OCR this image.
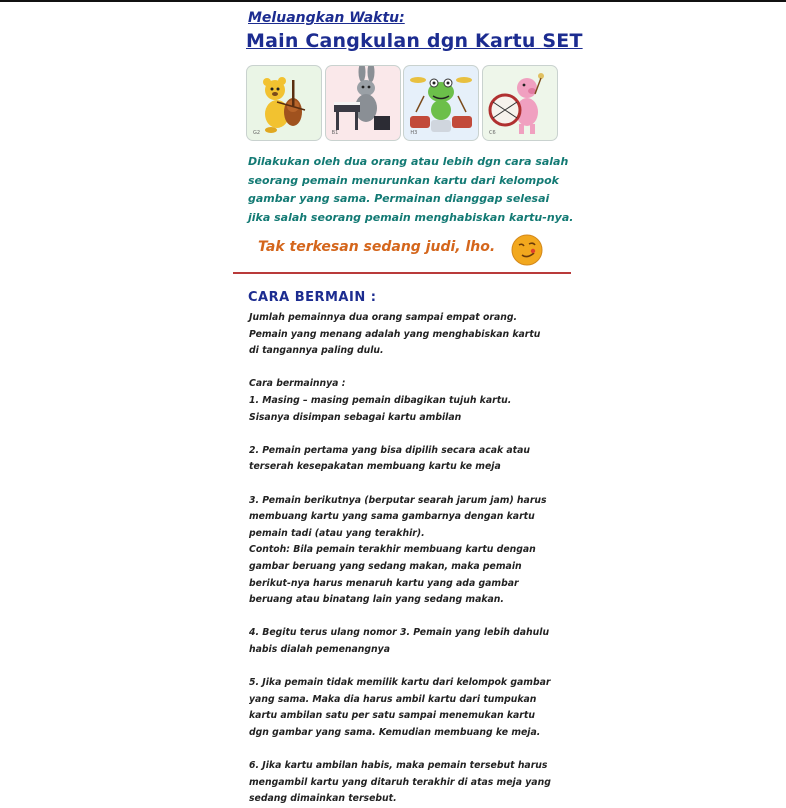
Meluangkan Waktu:
Main Cangkulan dgn Kartu SET
G2	B1	H3	C6
Dilakukan oleh dua orang atau lebih dgn cara salah
seorang pemain menurunkan kartu dari kelompok
gambar yang sama. Permainan dianggap selesai
jika salah seorang pemain menghabiskan kartu-nya.
Tak terkesan sedang judi, lho.
CARA BERMAIN :
Jumlah pemainnya dua orang sampai empat orang.
Pemain yang menang adalah yang menghabiskan kartu
di tangannya paling dulu.
Cara bermainnya :
1. Masing – masing pemain dibagikan tujuh kartu.
Sisanya disimpan sebagai kartu ambilan
2. Pemain pertama yang bisa dipilih secara acak atau
terserah kesepakatan membuang kartu ke meja
3. Pemain berikutnya (berputar searah jarum jam) harus
membuang kartu yang sama gambarnya dengan kartu
pemain tadi (atau yang terakhir).
Contoh: Bila pemain terakhir membuang kartu dengan
gambar beruang yang sedang makan, maka pemain
berikut-nya harus menaruh kartu yang ada gambar
beruang atau binatang lain yang sedang makan.
4. Begitu terus ulang nomor 3. Pemain yang lebih dahulu
habis dialah pemenangnya
5. Jika pemain tidak memilik kartu dari kelompok gambar
yang sama. Maka dia harus ambil kartu dari tumpukan
kartu ambilan satu per satu sampai menemukan kartu
dgn gambar yang sama. Kemudian membuang ke meja.
6. Jika kartu ambilan habis, maka pemain tersebut harus
mengambil kartu yang ditaruh terakhir di atas meja yang
sedang dimainkan tersebut.
